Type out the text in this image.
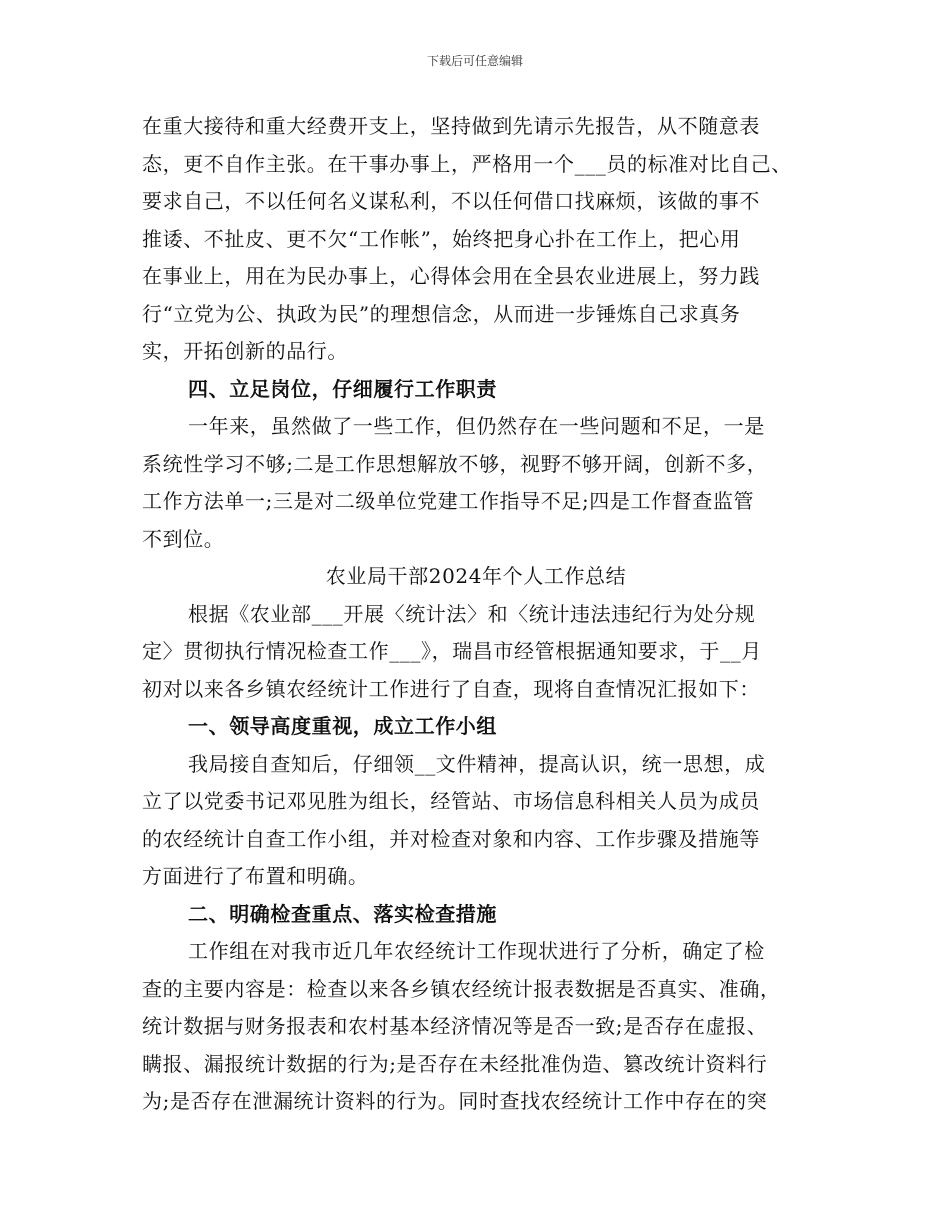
下载后可任意编辑
在重大接待和重大经费开支上，坚持做到先请示先报告，从不随意表
态，更不自作主张。在干事办事上，严格用一个___员的标准对比自己、
要求自己，不以任何名义谋私利，不以任何借口找麻烦，该做的事不
推诿、不扯皮、更不欠“工作帐”，始终把身心扑在工作上，把心用
在事业上，用在为民办事上，心得体会用在全县农业进展上，努力践
行“立党为公、执政为民”的理想信念，从而进一步锤炼自己求真务
实，开拓创新的品行。
四、立足岗位，仔细履行工作职责
一年来，虽然做了一些工作，但仍然存在一些问题和不足，一是
系统性学习不够;二是工作思想解放不够，视野不够开阔，创新不多，
工作方法单一;三是对二级单位党建工作指导不足;四是工作督查监管
不到位。
农业局干部2024年个人工作总结
根据《农业部___开展〈统计法〉和〈统计违法违纪行为处分规
定〉贯彻执行情况检查工作___》，瑞昌市经管根据通知要求，于__月
初对以来各乡镇农经统计工作进行了自查，现将自查情况汇报如下：
一、领导高度重视，成立工作小组
我局接自查知后，仔细领__文件精神，提高认识，统一思想，成
立了以党委书记邓见胜为组长，经管站、市场信息科相关人员为成员
的农经统计自查工作小组，并对检查对象和内容、工作步骤及措施等
方面进行了布置和明确。
二、明确检查重点、落实检查措施
工作组在对我市近几年农经统计工作现状进行了分析，确定了检
查的主要内容是：检查以来各乡镇农经统计报表数据是否真实、准确，
统计数据与财务报表和农村基本经济情况等是否一致;是否存在虚报、
瞒报、漏报统计数据的行为;是否存在未经批准伪造、篡改统计资料行
为;是否存在泄漏统计资料的行为。同时查找农经统计工作中存在的突
